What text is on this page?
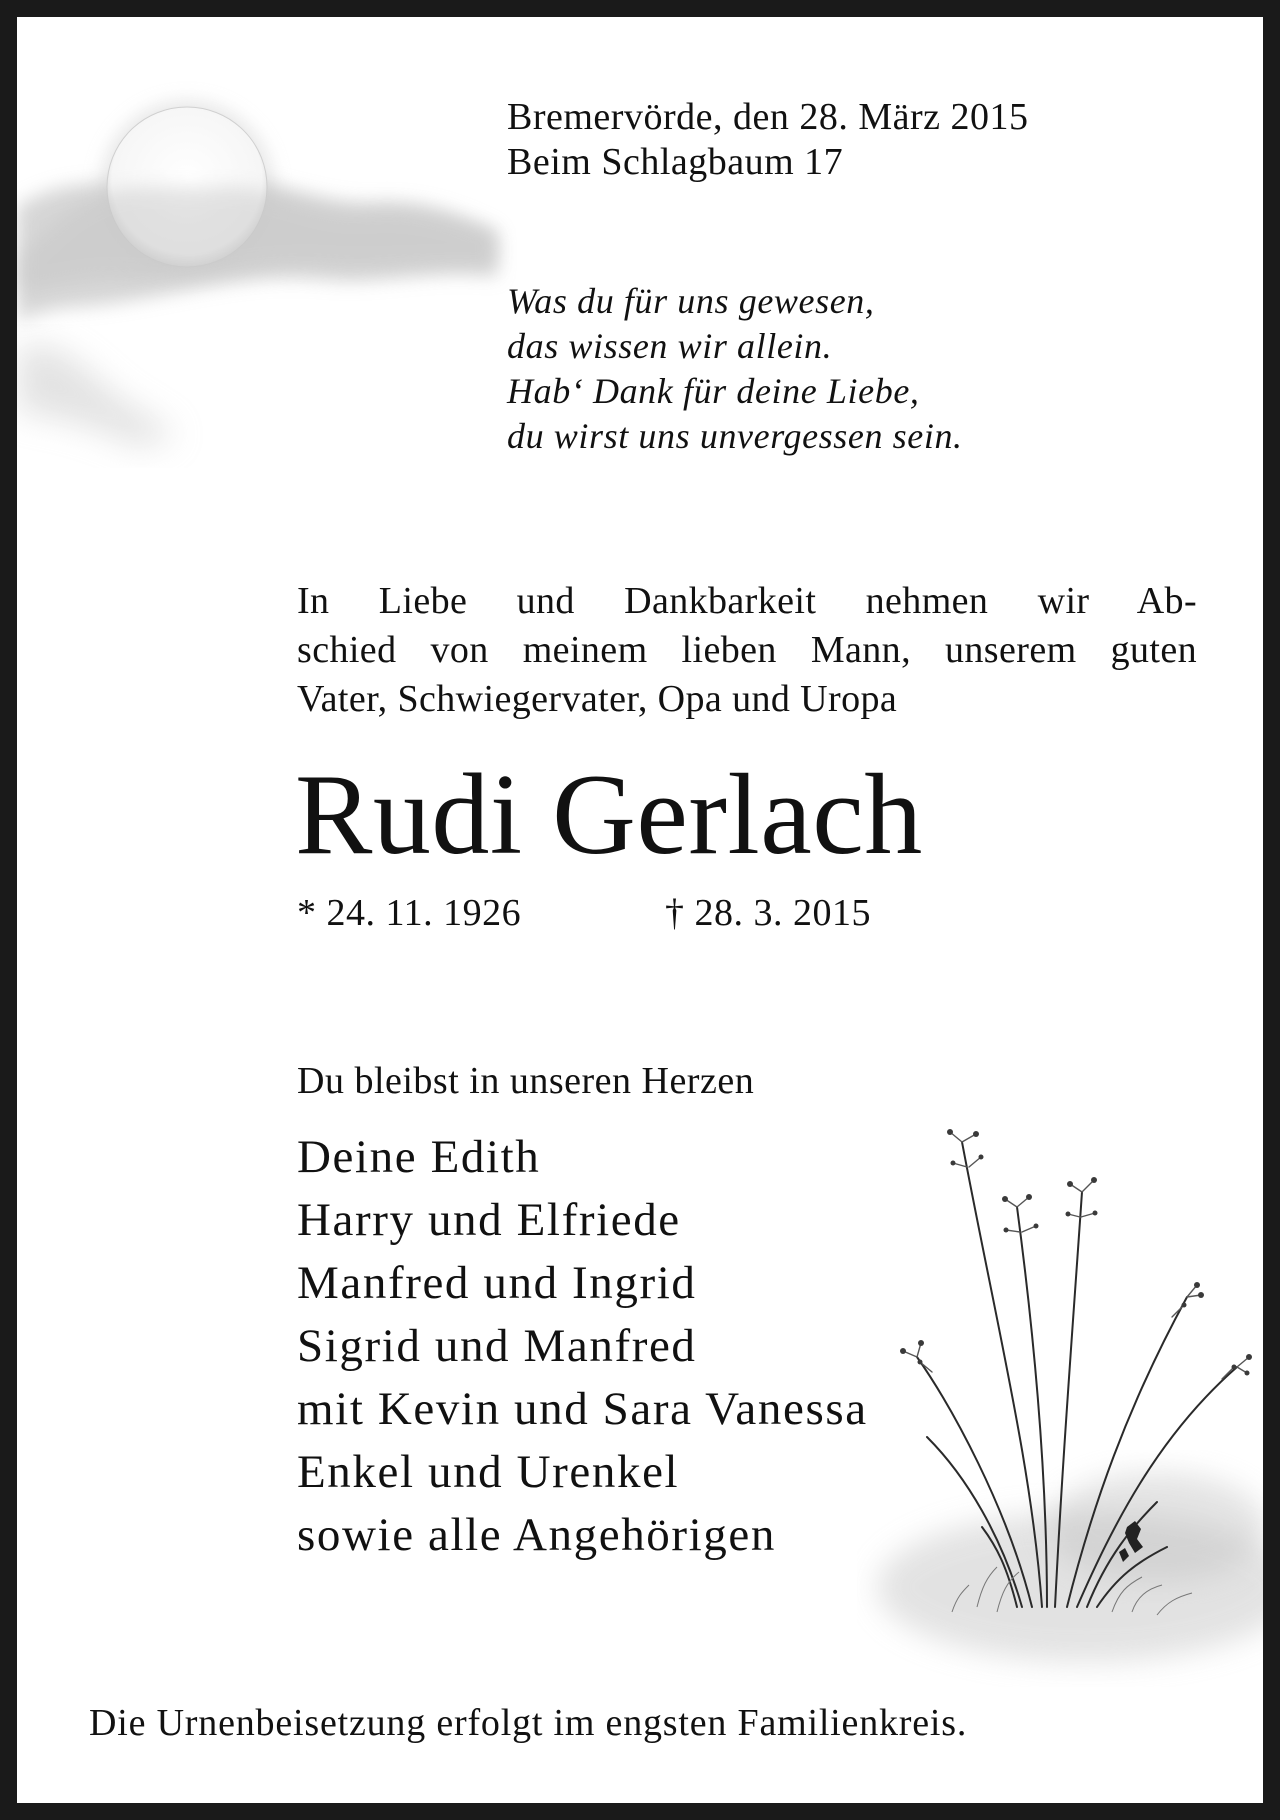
Bremervörde, den 28. März 2015
Beim Schlagbaum 17
Was du für uns gewesen,
das wissen wir allein.
Hab‘ Dank für deine Liebe,
du wirst uns unvergessen sein.
In Liebe und Dankbarkeit nehmen wir Ab-
schied von meinem lieben Mann, unserem guten
Vater, Schwiegervater, Opa und Uropa
Rudi Gerlach
* 24. 11. 1926	† 28. 3. 2015
Du bleibst in unseren Herzen
Deine Edith
Harry und Elfriede
Manfred und Ingrid
Sigrid und Manfred
mit Kevin und Sara Vanessa
Enkel und Urenkel
sowie alle Angehörigen
Die Urnenbeisetzung erfolgt im engsten Familienkreis.
